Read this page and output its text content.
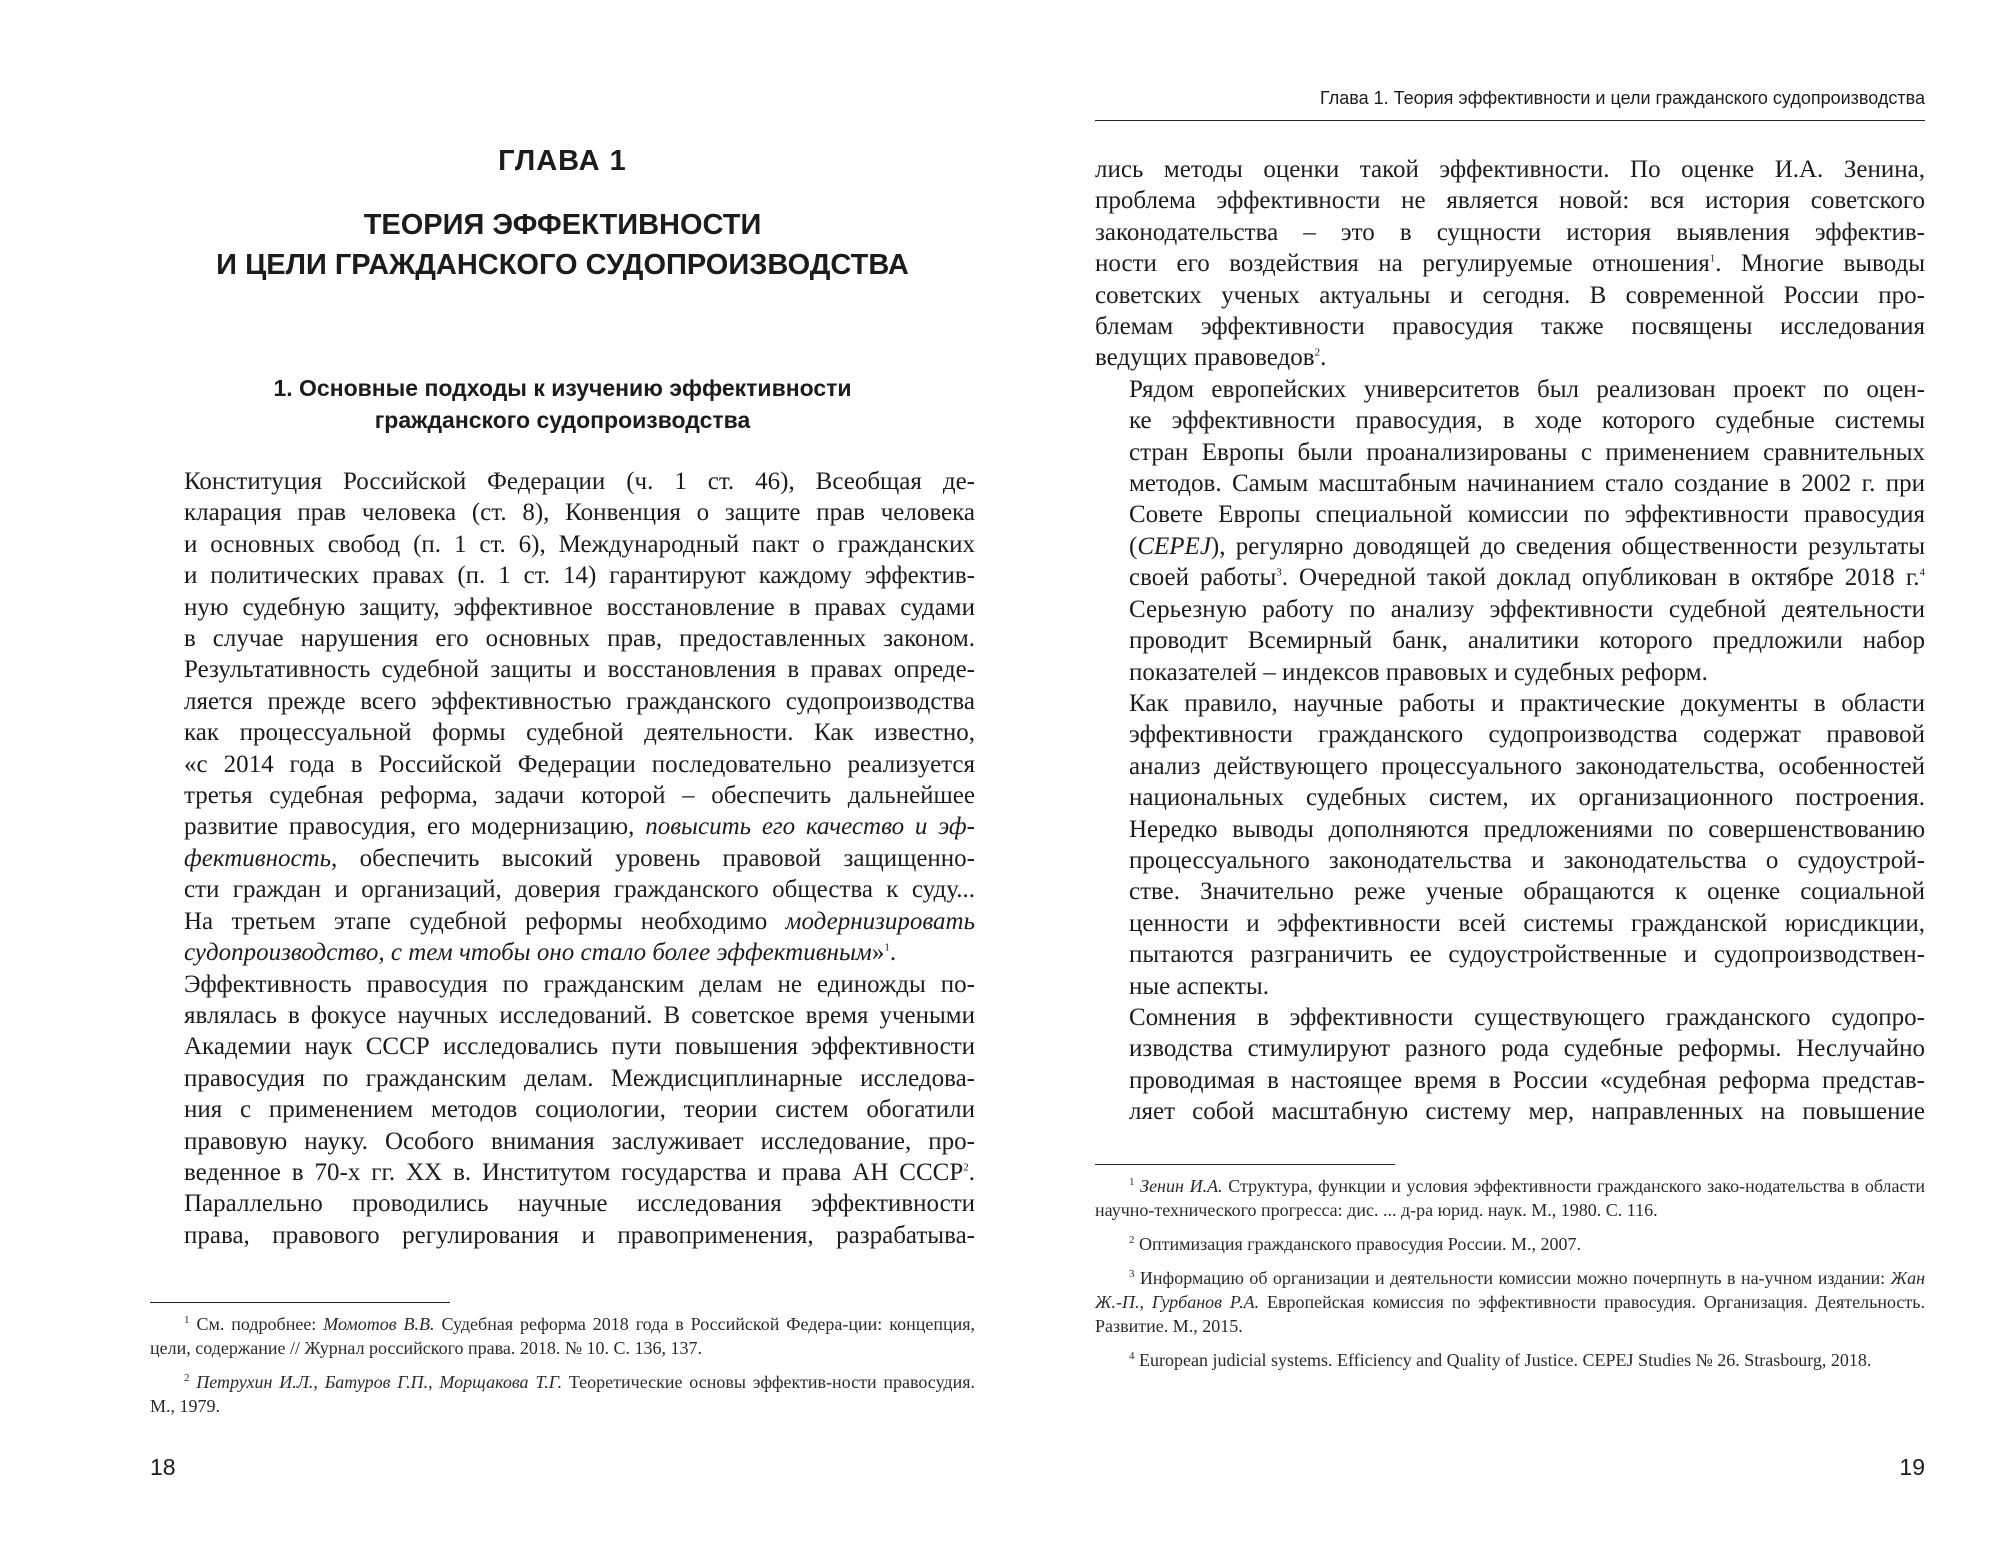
ГЛАВА 1
ТЕОРИЯ ЭФФЕКТИВНОСТИ
И ЦЕЛИ ГРАЖДАНСКОГО СУДОПРОИЗВОДСТВА
1. Основные подходы к изучению эффективности
гражданского судопроизводства

Конституция Российской Федерации (ч. 1 ст. 46), Всеобщая де-
кларация прав человека (ст. 8), Конвенция о защите прав человека
и основных свобод (п. 1 ст. 6), Международный пакт о гражданских
и политических правах (п. 1 ст. 14) гарантируют каждому эффектив-
ную судебную защиту, эффективное восстановление в правах судами
в случае нарушения его основных прав, предоставленных законом.
Результативность судебной защиты и восстановления в правах опреде-
ляется прежде всего эффективностью гражданского судопроизводства
как процессуальной формы судебной деятельности. Как известно,
«с 2014 года в Российской Федерации последовательно реализуется
третья судебная реформа, задачи которой – обеспечить дальнейшее
развитие правосудия, его модернизацию, повысить его качество и эф-
фективность, обеспечить высокий уровень правовой защищенно-
сти граждан и организаций, доверия гражданского общества к суду...
На третьем этапе судебной реформы необходимо модернизировать
судопроизводство, с тем чтобы оно стало более эффективным»$^1$.

Эффективность правосудия по гражданским делам не единожды по-
являлась в фокусе научных исследований. В советское время учеными
Академии наук СССР исследовались пути повышения эффективности
правосудия по гражданским делам. Междисциплинарные исследова-
ния с применением методов социологии, теории систем обогатили
правовую науку. Особого внимания заслуживает исследование, про-
веденное в 70-х гг. XX в. Институтом государства и права АН СССР$^2$.
Параллельно проводились научные исследования эффективности
права, правового регулирования и правоприменения, разрабатыва-

$^1$ См. подробнее: Момотов В.В. Судебная реформа 2018 года в Российской Федера-ции: концепция, цели, содержание // Журнал российского права. 2018. № 10. С. 136, 137.

$^2$ Петрухин И.Л., Батуров Г.П., Морщакова Т.Г. Теоретические основы эффектив-ности правосудия. М., 1979.

18
Глава 1. Теория эффективности и цели гражданского судопроизводства

лись методы оценки такой эффективности. По оценке И.А. Зенина,
проблема эффективности не является новой: вся история советского
законодательства – это в сущности история выявления эффектив-
ности его воздействия на регулируемые отношения$^1$. Многие выводы
советских ученых актуальны и сегодня. В современной России про-
блемам эффективности правосудия также посвящены исследования
ведущих правоведов$^2$.

Рядом европейских университетов был реализован проект по оцен-
ке эффективности правосудия, в ходе которого судебные системы
стран Европы были проанализированы с применением сравнительных
методов. Самым масштабным начинанием стало создание в 2002 г. при
Совете Европы специальной комиссии по эффективности правосудия
(CEPEJ), регулярно доводящей до сведения общественности результаты
своей работы$^3$. Очередной такой доклад опубликован в октябре 2018 г.$^4$
Серьезную работу по анализу эффективности судебной деятельности
проводит Всемирный банк, аналитики которого предложили набор
показателей – индексов правовых и судебных реформ.

Как правило, научные работы и практические документы в области
эффективности гражданского судопроизводства содержат правовой
анализ действующего процессуального законодательства, особенностей
национальных судебных систем, их организационного построения.
Нередко выводы дополняются предложениями по совершенствованию
процессуального законодательства и законодательства о судоустрой-
стве. Значительно реже ученые обращаются к оценке социальной
ценности и эффективности всей системы гражданской юрисдикции,
пытаются разграничить ее судоустройственные и судопроизводствен-
ные аспекты.

Сомнения в эффективности существующего гражданского судопро-
изводства стимулируют разного рода судебные реформы. Неслучайно
проводимая в настоящее время в России «судебная реформа представ-
ляет собой масштабную систему мер, направленных на повышение

$^1$ Зенин И.А. Структура, функции и условия эффективности гражданского зако-нодательства в области научно-технического прогресса: дис. ... д-ра юрид. наук. М., 1980. С. 116.

$^2$ Оптимизация гражданского правосудия России. М., 2007.

$^3$ Информацию об организации и деятельности комиссии можно почерпнуть в на-учном издании: Жан Ж.-П., Гурбанов Р.А. Европейская комиссия по эффективности правосудия. Организация. Деятельность. Развитие. М., 2015.

$^4$ European judicial systems. Efficiency and Quality of Justice. CEPEJ Studies № 26. Strasbourg, 2018.

19
